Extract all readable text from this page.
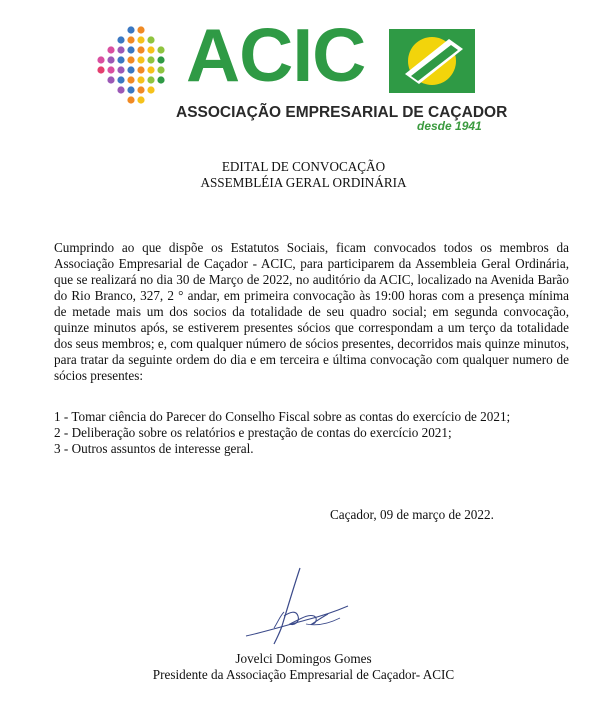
ACIC
ASSOCIAÇÃO EMPRESARIAL DE CAÇADOR
desde 1941
EDITAL DE CONVOCAÇÃO
ASSEMBLÉIA GERAL ORDINÁRIA
Cumprindo ao que dispõe os Estatutos Sociais, ficam convocados todos os membros da Associação Empresarial de Caçador - ACIC, para participarem da Assembleia Geral Ordinária, que se realizará no dia 30 de Março de 2022, no auditório da ACIC, localizado na Avenida Barão do Rio Branco, 327, 2 ° andar, em primeira convocação às 19:00 horas com a presença mínima de metade mais um dos socios da totalidade de seu quadro social; em segunda convocação, quinze minutos após, se estiverem presentes sócios que correspondam a um terço da totalidade dos seus membros; e, com qualquer número de sócios presentes, decorridos mais quinze minutos, para tratar da seguinte ordem do dia e em terceira e última convocação com qualquer numero de sócios presentes:
1 - Tomar ciência do Parecer do Conselho Fiscal sobre as contas do exercício de 2021;
2 - Deliberação sobre os relatórios e prestação de contas do exercício 2021;
3 - Outros assuntos de interesse geral.
Caçador, 09 de março de 2022.
Jovelci Domingos Gomes
Presidente da Associação Empresarial de Caçador- ACIC
